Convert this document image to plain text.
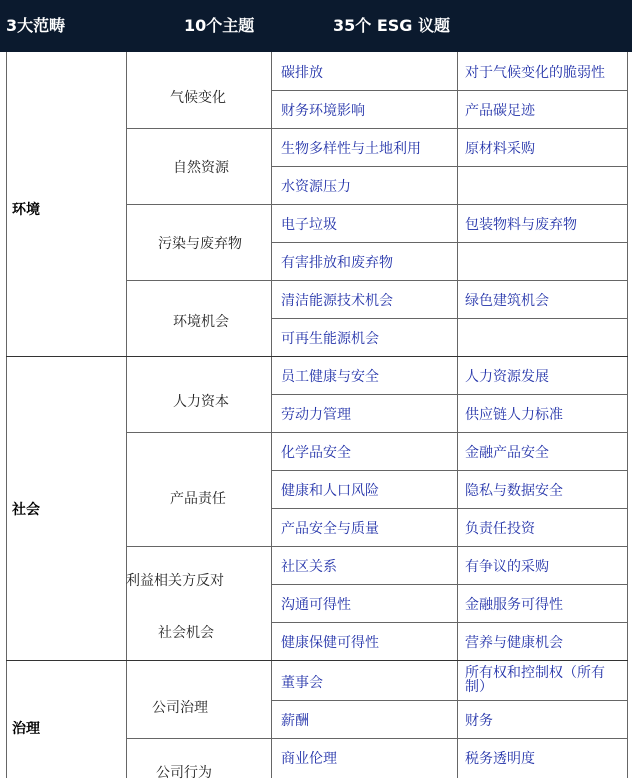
3大范畴	10个主题	35个 ESG 议题
环境
社会
治理
气候变化
自然资源
污染与废弃物
环境机会
人力资本
产品责任
利益相关方反对
社会机会
公司治理
公司行为
碳排放
财务环境影响
生物多样性与土地利用
水资源压力
电子垃圾
有害排放和废弃物
清洁能源技术机会
可再生能源机会
员工健康与安全
劳动力管理
化学品安全
健康和人口风险
产品安全与质量
社区关系
沟通可得性
健康保健可得性
董事会
薪酬
商业伦理
对于气候变化的脆弱性
产品碳足迹
原材料采购
包装物料与废弃物
绿色建筑机会
人力资源发展
供应链人力标准
金融产品安全
隐私与数据安全
负责任投资
有争议的采购
金融服务可得性
营养与健康机会
所有权和控制权（所有制）
财务
税务透明度
